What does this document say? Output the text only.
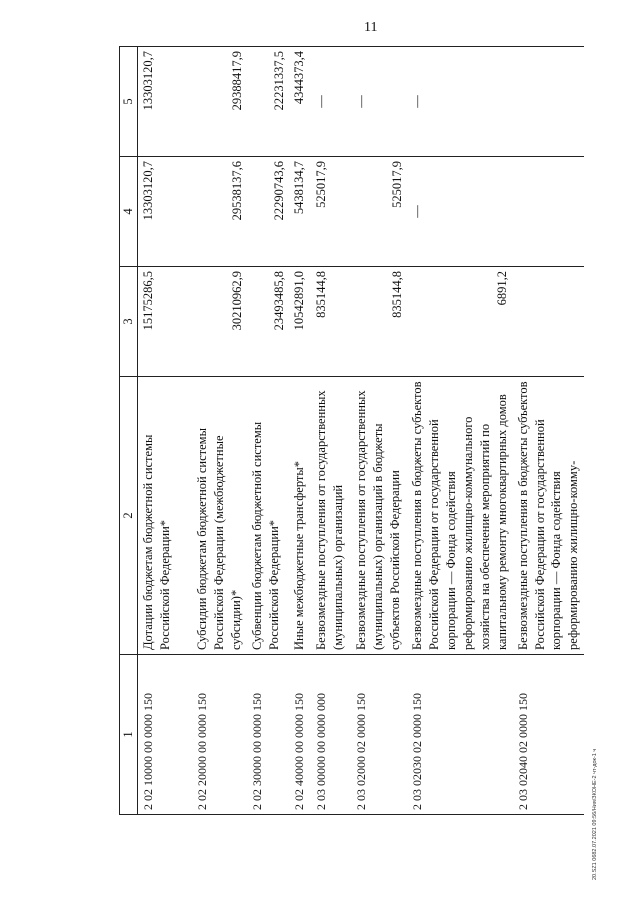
11
20.SZ1 0682.07.2021 09:56/Ния/ЗКОНЕ-2 чт-док-1 ч
1	2	3	4	5
2 02 10000 00 0000 150	Дотации бюджетам бюджетной системы Российской Федерации*	15175286,5	13303120,7	13303120,7
2 02 20000 00 0000 150	Субсидии бюджетам бюджетной системы Российской Федерации (межбюджетные субсидии)*	30210962,9	29538137,6	29388417,9
2 02 30000 00 0000 150	Субвенции бюджетам бюджетной системы Российской Федерации*	23493485,8	22290743,6	22231337,5
2 02 40000 00 0000 150	Иные межбюджетные трансферты*	10542891,0	5438134,7	4344373,4
2 03 00000 00 0000 000	Безвозмездные поступления от государственных (муниципальных) организаций	835144,8	525017,9	—
2 03 02000 02 0000 150	Безвозмездные поступления от государственных (муниципальных) организаций в бюджеты субъектов Российской Федерации	835144,8	525017,9	—
2 03 02030 02 0000 150	Безвозмездные поступления в бюджеты субъектов Российской Федерации от государственной корпорации — Фонда содействия реформированию жилищно-коммунального хозяйства на обеспечение мероприятий по капитальному ремонту многоквартирных домов	6891,2	—	—
2 03 02040 02 0000 150	Безвозмездные поступления в бюджеты субъектов Российской Федерации от государственной корпорации — Фонда содействия реформированию жилищно-комму-			
